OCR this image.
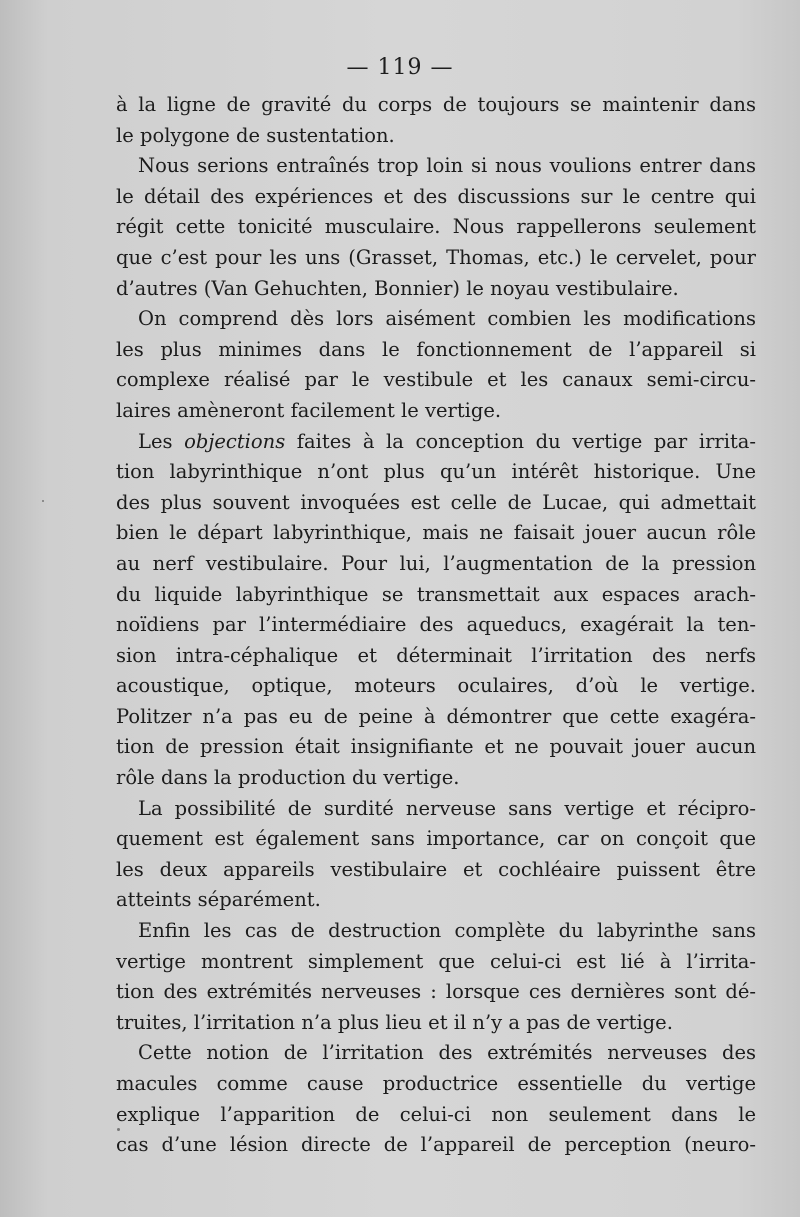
— 119 —
à la ligne de gravité du corps de toujours se maintenir dans
le polygone de sustentation.
Nous serions entraînés trop loin si nous voulions entrer dans
le détail des expériences et des discussions sur le centre qui
régit cette tonicité musculaire. Nous rappellerons seulement
que c’est pour les uns (Grasset, Thomas, etc.) le cervelet, pour
d’autres (Van Gehuchten, Bonnier) le noyau vestibulaire.
On comprend dès lors aisément combien les modifications
les plus minimes dans le fonctionnement de l’appareil si
complexe réalisé par le vestibule et les canaux semi-circu-
laires amèneront facilement le vertige.
Les objections faites à la conception du vertige par irrita-
tion labyrinthique n’ont plus qu’un intérêt historique. Une
des plus souvent invoquées est celle de Lucae, qui admettait
bien le départ labyrinthique, mais ne faisait jouer aucun rôle
au nerf vestibulaire. Pour lui, l’augmentation de la pression
du liquide labyrinthique se transmettait aux espaces arach-
noïdiens par l’intermédiaire des aqueducs, exagérait la ten-
sion intra-céphalique et déterminait l’irritation des nerfs
acoustique, optique, moteurs oculaires, d’où le vertige.
Politzer n’a pas eu de peine à démontrer que cette exagéra-
tion de pression était insignifiante et ne pouvait jouer aucun
rôle dans la production du vertige.
La possibilité de surdité nerveuse sans vertige et récipro-
quement est également sans importance, car on conçoit que
les deux appareils vestibulaire et cochléaire puissent être
atteints séparément.
Enfin les cas de destruction complète du labyrinthe sans
vertige montrent simplement que celui-ci est lié à l’irrita-
tion des extrémités nerveuses : lorsque ces dernières sont dé-
truites, l’irritation n’a plus lieu et il n’y a pas de vertige.
Cette notion de l’irritation des extrémités nerveuses des
macules comme cause productrice essentielle du vertige
explique l’apparition de celui-ci non seulement dans le
cas d’une lésion directe de l’appareil de perception (neuro-
